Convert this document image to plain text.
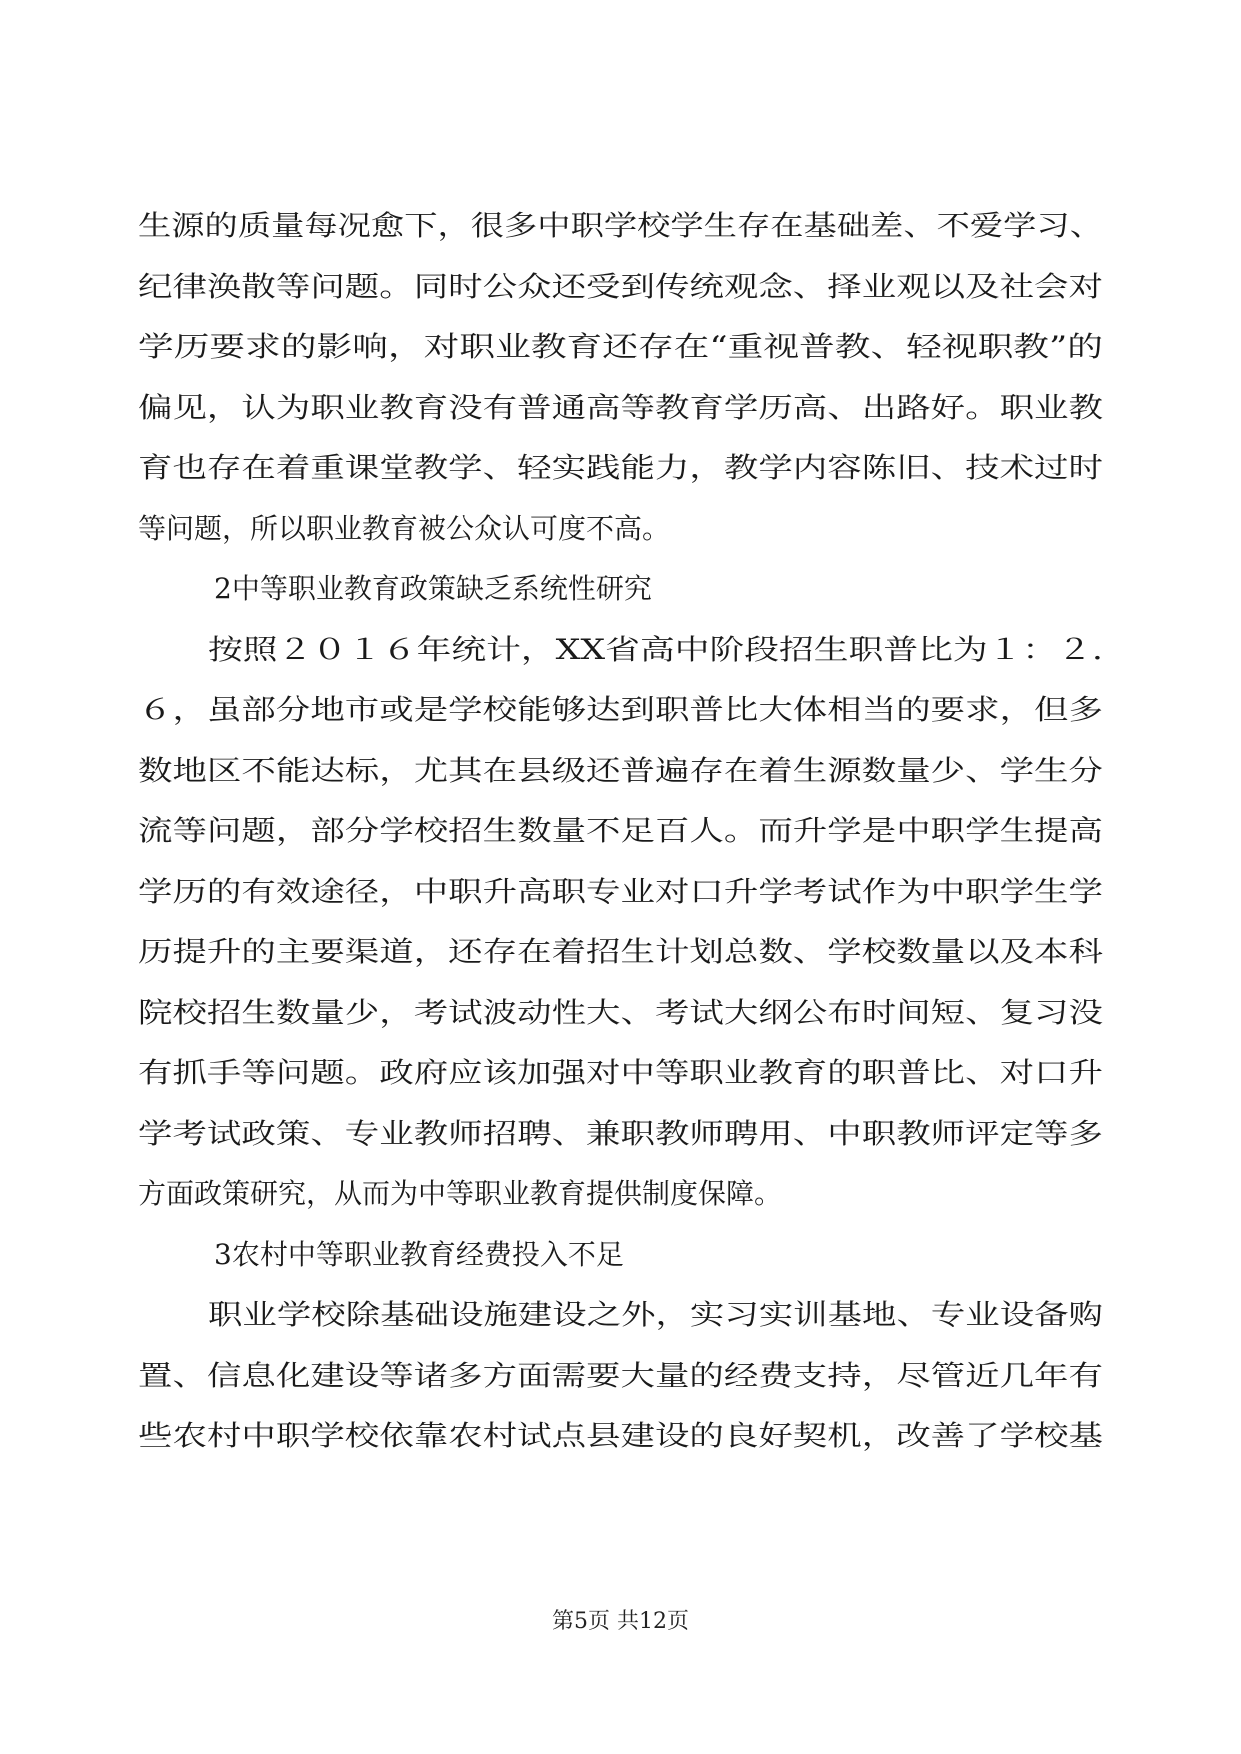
生源的质量每况愈下，很多中职学校学生存在基础差、不爱学习、
纪律涣散等问题。同时公众还受到传统观念、择业观以及社会对
学历要求的影响，对职业教育还存在“重视普教、轻视职教”的
偏见，认为职业教育没有普通高等教育学历高、出路好。职业教
育也存在着重课堂教学、轻实践能力，教学内容陈旧、技术过时
等问题，所以职业教育被公众认可度不高。
2中等职业教育政策缺乏系统性研究
按照２０１６年统计，XX省高中阶段招生职普比为１：２.
６，虽部分地市或是学校能够达到职普比大体相当的要求，但多
数地区不能达标，尤其在县级还普遍存在着生源数量少、学生分
流等问题，部分学校招生数量不足百人。而升学是中职学生提高
学历的有效途径，中职升高职专业对口升学考试作为中职学生学
历提升的主要渠道，还存在着招生计划总数、学校数量以及本科
院校招生数量少，考试波动性大、考试大纲公布时间短、复习没
有抓手等问题。政府应该加强对中等职业教育的职普比、对口升
学考试政策、专业教师招聘、兼职教师聘用、中职教师评定等多
方面政策研究，从而为中等职业教育提供制度保障。
3农村中等职业教育经费投入不足
职业学校除基础设施建设之外，实习实训基地、专业设备购
置、信息化建设等诸多方面需要大量的经费支持，尽管近几年有
些农村中职学校依靠农村试点县建设的良好契机，改善了学校基
第5页 共12页
